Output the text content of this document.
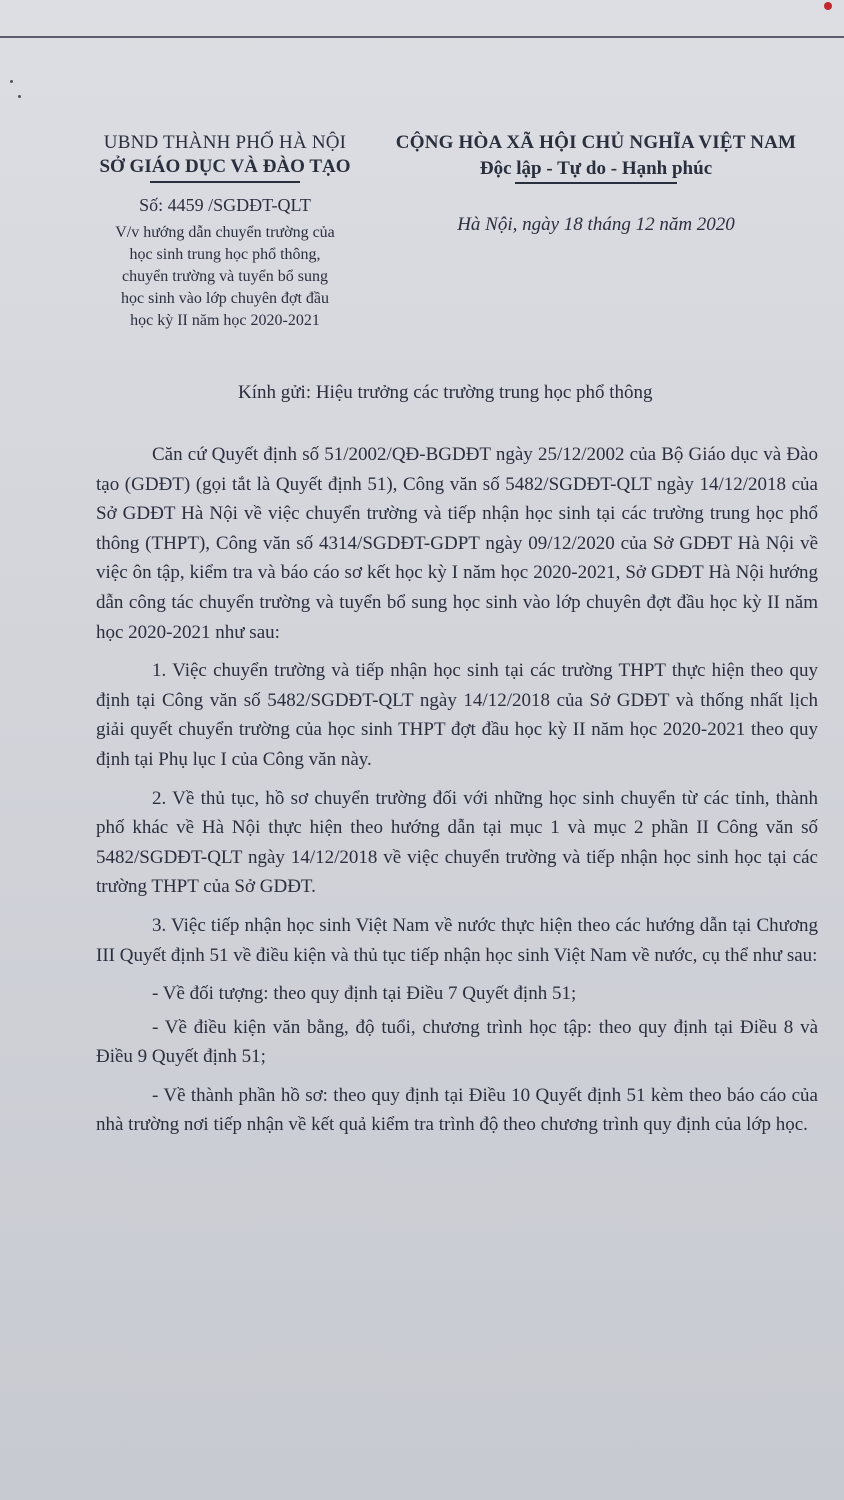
UBND THÀNH PHỐ HÀ NỘI
SỞ GIÁO DỤC VÀ ĐÀO TẠO
Số: 4459 /SGDĐT-QLT
V/v hướng dẫn chuyển trường của
học sinh trung học phổ thông,
chuyển trường và tuyển bổ sung
học sinh vào lớp chuyên đợt đầu
học kỳ II năm học 2020-2021
CỘNG HÒA XÃ HỘI CHỦ NGHĨA VIỆT NAM
Độc lập - Tự do - Hạnh phúc
Hà Nội, ngày 18 tháng 12 năm 2020
Kính gửi: Hiệu trưởng các trường trung học phổ thông

Căn cứ Quyết định số 51/2002/QĐ-BGDĐT ngày 25/12/2002 của Bộ Giáo dục và Đào tạo (GDĐT) (gọi tắt là Quyết định 51), Công văn số 5482/SGDĐT-QLT ngày 14/12/2018 của Sở GDĐT Hà Nội về việc chuyển trường và tiếp nhận học sinh tại các trường trung học phổ thông (THPT), Công văn số 4314/SGDĐT-GDPT ngày 09/12/2020 của Sở GDĐT Hà Nội về việc ôn tập, kiểm tra và báo cáo sơ kết học kỳ I năm học 2020-2021, Sở GDĐT Hà Nội hướng dẫn công tác chuyển trường và tuyển bổ sung học sinh vào lớp chuyên đợt đầu học kỳ II năm học 2020-2021 như sau:

1. Việc chuyển trường và tiếp nhận học sinh tại các trường THPT thực hiện theo quy định tại Công văn số 5482/SGDĐT-QLT ngày 14/12/2018 của Sở GDĐT và thống nhất lịch giải quyết chuyển trường của học sinh THPT đợt đầu học kỳ II năm học 2020-2021 theo quy định tại Phụ lục I của Công văn này.

2. Về thủ tục, hồ sơ chuyển trường đối với những học sinh chuyển từ các tỉnh, thành phố khác về Hà Nội thực hiện theo hướng dẫn tại mục 1 và mục 2 phần II Công văn số 5482/SGDĐT-QLT ngày 14/12/2018 về việc chuyển trường và tiếp nhận học sinh học tại các trường THPT của Sở GDĐT.

3. Việc tiếp nhận học sinh Việt Nam về nước thực hiện theo các hướng dẫn tại Chương III Quyết định 51 về điều kiện và thủ tục tiếp nhận học sinh Việt Nam về nước, cụ thể như sau:

- Về đối tượng: theo quy định tại Điều 7 Quyết định 51;

- Về điều kiện văn bằng, độ tuổi, chương trình học tập: theo quy định tại Điều 8 và Điều 9 Quyết định 51;

- Về thành phần hồ sơ: theo quy định tại Điều 10 Quyết định 51 kèm theo báo cáo của nhà trường nơi tiếp nhận về kết quả kiểm tra trình độ theo chương trình quy định của lớp học.
